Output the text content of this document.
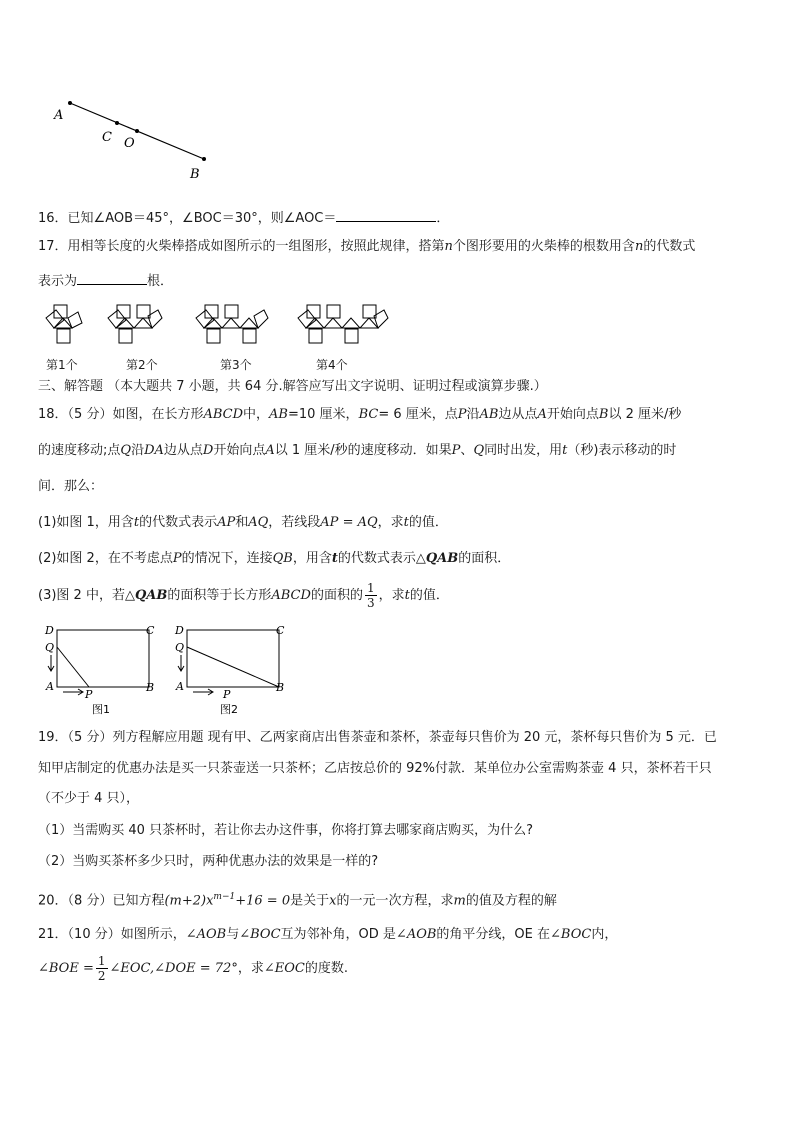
A
C O
B
16．已知∠AOB＝45°，∠BOC＝30°，则∠AOC＝	．
17．用相等长度的火柴棒搭成如图所示的一组图形，按照此规律，搭第n个图形要用的火柴棒的根数用含n的代数式
表示为	根．
第1个	第2个	第3个	第4个
三、解答题 （本大题共 7 小题，共 64 分.解答应写出文字说明、证明过程或演算步骤.）
18．（5 分）如图，在长方形ABCD中，AB=10 厘米，BC= 6 厘米，点P沿AB边从点A开始向点B以 2 厘米/秒
的速度移动;点Q沿DA边从点D开始向点A以 1 厘米/秒的速度移动．如果P、Q同时出发，用t（秒)表示移动的时
间．那么：
(1)如图 1，用含t的代数式表示AP和AQ，若线段AP = AQ，求t的值．
(2)如图 2，在不考虑点P的情况下，连接QB，用含t的代数式表示△QAB的面积．
(3)图 2 中，若△QAB的面积等于长方形ABCD的面积的 $\frac{1}{3}$ ，求t的值．
D	C
Q
A
P
B
图1
D	C
Q
A
P
B
图2
19．（5 分）列方程解应用题 现有甲、乙两家商店出售茶壶和茶杯，茶壶每只售价为 20 元，茶杯每只售价为 5 元．已
知甲店制定的优惠办法是买一只茶壶送一只茶杯；乙店按总价的 92%付款．某单位办公室需购茶壶 4 只，茶杯若干只
（不少于 4 只），
（1）当需购买 40 只茶杯时，若让你去办这件事，你将打算去哪家商店购买，为什么?
（2）当购买茶杯多少只时，两种优惠办法的效果是一样的?
20．（8 分）已知方程$(m+2)x^{m-1}+16 = 0$是关于x的一元一次方程，求m的值及方程的解
21．（10 分）如图所示，∠AOB与∠BOC互为邻补角，OD 是∠AOB的角平分线，OE 在∠BOC内，
∠BOE = $\frac{1}{2}$ ∠EOC,∠DOE = 72°，求∠EOC的度数.
